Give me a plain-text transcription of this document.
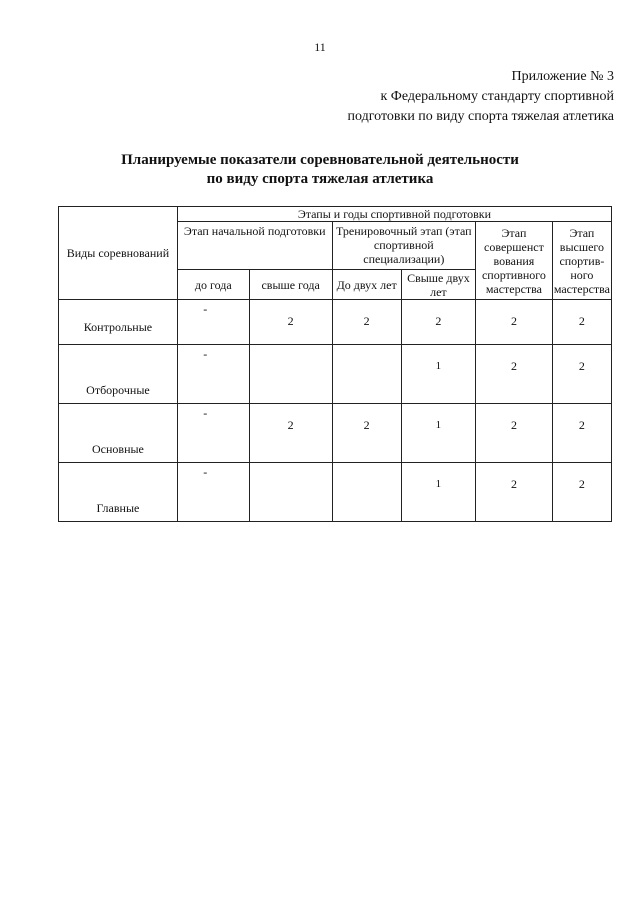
11
Приложение № 3
к Федеральному стандарту спортивной
подготовки по виду спорта тяжелая атлетика
Планируемые показатели соревновательной деятельности
по виду спорта тяжелая атлетика
Виды соревнований	Этапы и годы спортивной подготовки					
	Этап начальной подготовки		Тренировочный этап (этап спортивной специализации)		Этап совершенст вования спортивного мастерства	Этап высшего спортив-ного мастерства
	до года	свыше года	До двух лет	Свыше двух лет		
Контрольные	-	2	2	2	2	2
Отборочные	-			1	2	2
Основные	-	2	2	1	2	2
Главные	-			1	2	2
